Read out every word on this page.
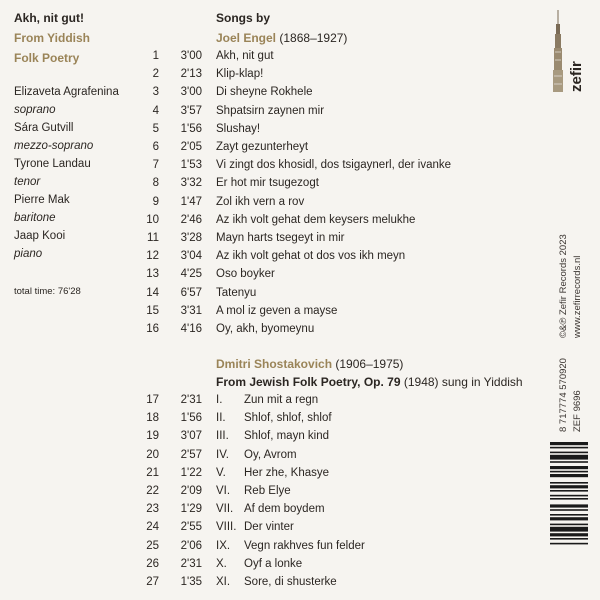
Akh, nit gut!
From Yiddish
Folk Poetry
Elizaveta Agrafenina
soprano
Sára Gutvill
mezzo-soprano
Tyrone Landau
tenor
Pierre Mak
baritone
Jaap Kooi
piano
total time: 76'28
Songs by
Joel Engel (1868–1927)
1	3'00 Akh, nit gut
2	2'13 Klip-klap!
3	3'00 Di sheyne Rokhele
4	3'57 Shpatsirn zaynen mir
5	1'56 Slushay!
6	2'05 Zayt gezunterheyt
7	1'53 Vi zingt dos khosidl, dos tsigaynerl, der ivanke
8	3'32 Er hot mir tsugezogt
9	1'47 Zol ikh vern a rov
10	2'46 Az ikh volt gehat dem keysers melukhe
11	3'28 Mayn harts tsegeyt in mir
12	3'04 Az ikh volt gehat ot dos vos ikh meyn
13	4'25 Oso boyker
14	6'57 Tatenyu
15	3'31 A mol iz geven a mayse
16	4'16 Oy, akh, byomeynu
Dmitri Shostakovich (1906–1975)
From Jewish Folk Poetry, Op. 79 (1948) sung in Yiddish
17	2'31 I. Zun mit a regn
18	1'56 II. Shlof, shlof, shlof
19	3'07 III. Shlof, mayn kind
20	2'57 IV. Oy, Avrom
21	1'22 V. Her zhe, Khasye
22	2'09 VI. Reb Elye
23	1'29 VII. Af dem boydem
24	2'55 VIII. Der vinter
25	2'06 IX. Vegn rakhves fun felder
26	2'31 X. Oyf a lonke
27	1'35 XI. Sore, di shusterke
zefir
©&℗ Zefir Records 2023 www.zefirrecords.nl
8 717774 570920 ZEF 9696
